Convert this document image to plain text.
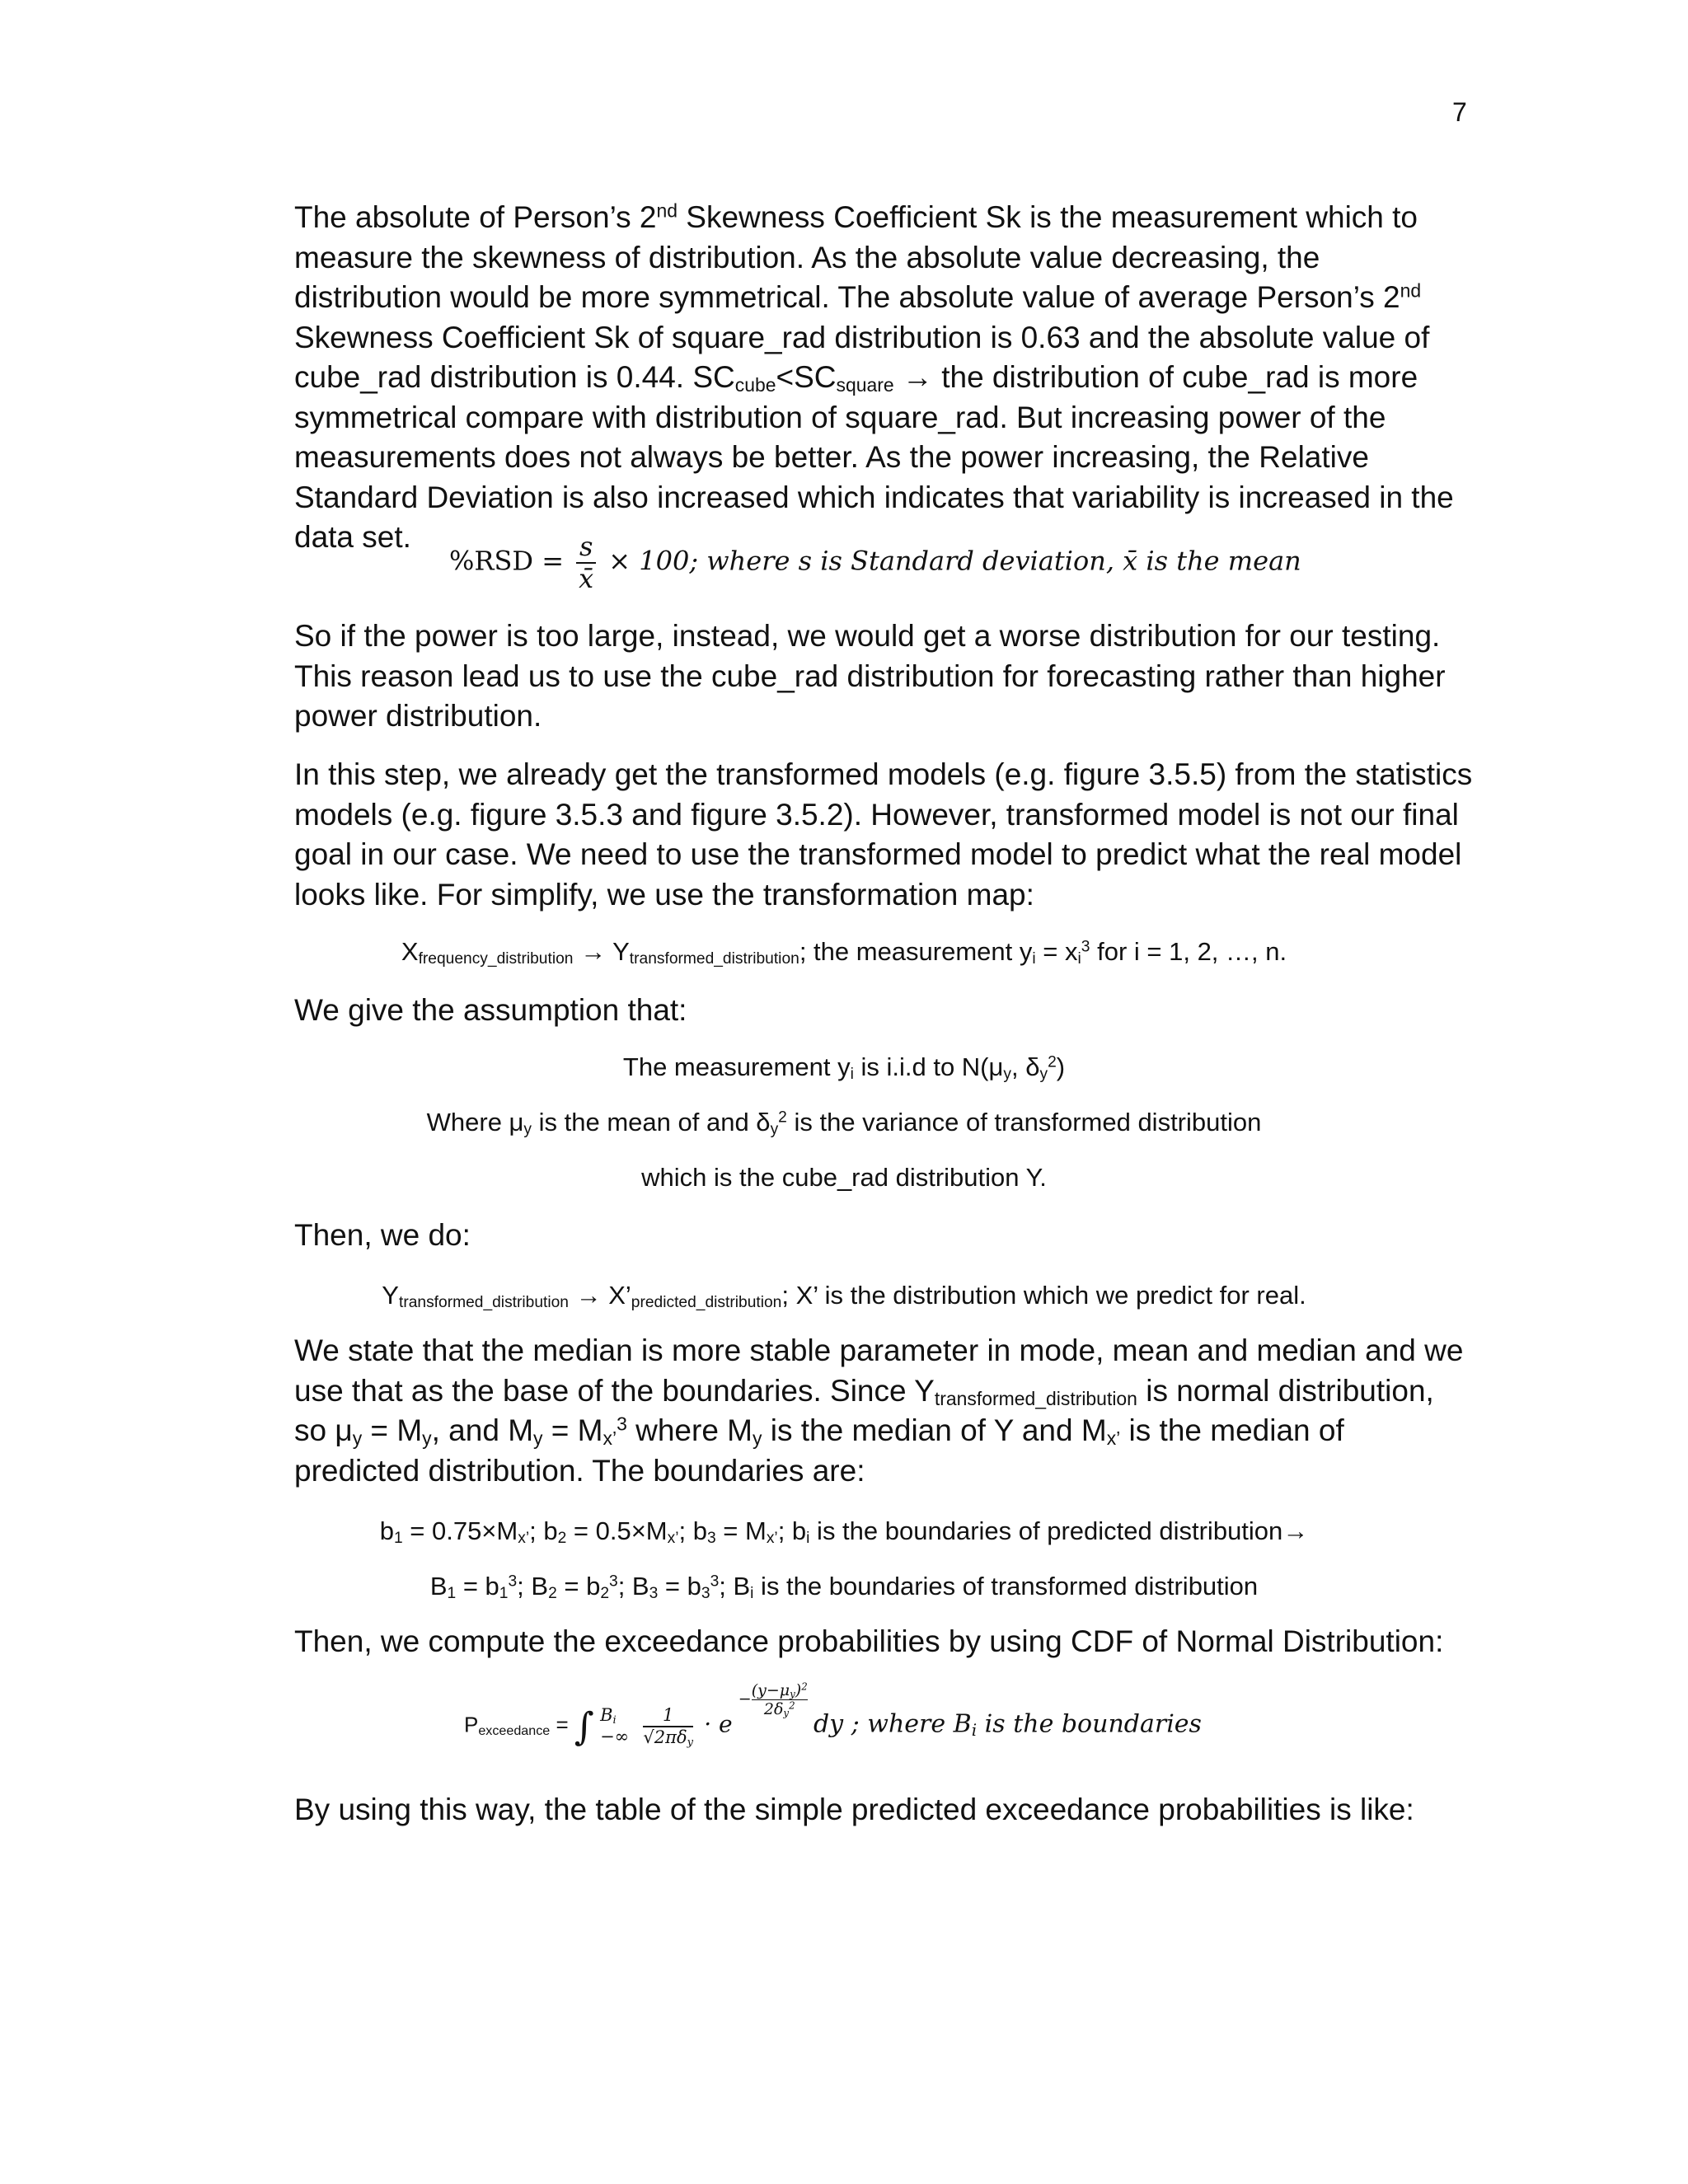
7

The absolute of Person’s 2nd Skewness Coefficient Sk is the measurement which to measure the skewness of distribution. As the absolute value decreasing, the distribution would be more symmetrical. The absolute value of average Person’s 2nd Skewness Coefficient Sk of square_rad distribution is 0.63 and the absolute value of cube_rad distribution is 0.44. $SC_{cube}<SC_{square}$ → the distribution of cube_rad is more symmetrical compare with distribution of square_rad. But increasing power of the measurements does not always be better. As the power increasing, the Relative Standard Deviation is also increased which indicates that variability is increased in the data set.

$\%RSD = \frac{s}{x̄} \times 100$; where s is Standard deviation, x̄ is the mean

So if the power is too large, instead, we would get a worse distribution for our testing. This reason lead us to use the cube_rad distribution for forecasting rather than higher power distribution.

In this step, we already get the transformed models (e.g. figure 3.5.5) from the statistics models (e.g. figure 3.5.3 and figure 3.5.2). However, transformed model is not our final goal in our case. We need to use the transformed model to predict what the real model looks like. For simplify, we use the transformation map:

$X_{frequency\_distribution} \to Y_{transformed\_distribution}$; the measurement $y_i = x_i^3$ for i = 1, 2, …, n.

We give the assumption that:

The measurement $y_i$ is i.i.d to $N(\mu_y$, $\delta_y^2$)
Where $\mu_y$ is the mean of and $\delta_y^2$ is the variance of transformed distribution
which is the cube_rad distribution Y.

Then, we do:

$Y_{transformed\_distribution}$ → $X’_{predicted\_distribution}$; X’ is the distribution which we predict for real.

We state that the median is more stable parameter in mode, mean and median and we use that as the base of the boundaries. Since $Y_{transformed\_distribution}$ is normal distribution, so $\mu_y = M_y$, and $M_y = M_{x’}^3$ where $M_y$ is the median of Y and $M_{x’}$ is the median of predicted distribution. The boundaries are:

$b_1 = 0.75\times M_{x’}$; $b_2 = 0.5\times M_{x’}$; $b_3 = M_{x’}$; $b_i$ is the boundaries of predicted distribution→
$B_1 = b_1^3$; $B_2 = b_2^3$; $B_3 = b_3^3$; $B_i$ is the boundaries of transformed distribution

Then, we compute the exceedance probabilities by using CDF of Normal Distribution:

$P_{exceedance}$ = ∫ $B_i$
−∞
$\frac{1}{√2\pi\delta_y} \cdot e - \frac{(y-\mu_y)^2}{2\delta_y^2}$
dy ; where $B_i$ is the boundaries

By using this way, the table of the simple predicted exceedance probabilities is like:
